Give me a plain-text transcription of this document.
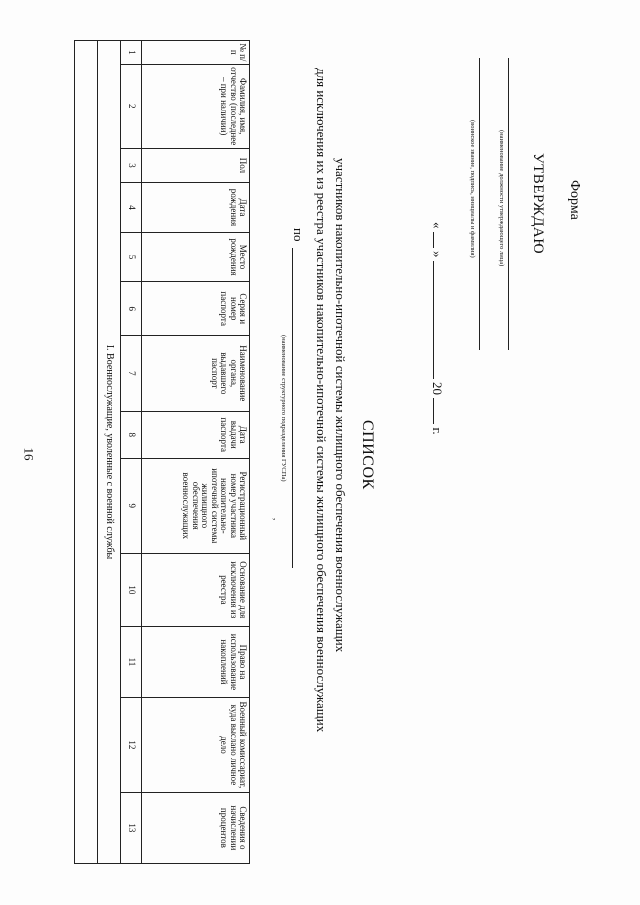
16
Форма
УТВЕРЖДАЮ
(наименование должности утверждающего лица)
(воинское звание, подпись, инициалы и фамилия)
«  »  20  г.
СПИСОК
участников накопительно-ипотечной системы жилищного обеспечения военнослужащих
для исключения их из реестра участников накопительно-ипотечной системы жилищного обеспечения военнослужащих
по
(наименование структурного подразделения ГУСПа)
,
№ п/п	Фамилия, имя, отчество (последнее – при наличии)	Пол	Дата рождения	Место рождения	Серия и номер паспорта	Наименование органа, выдавшего паспорт	Дата выдачи паспорта	Регистрационный номер участника накопительно-ипотечной системы жилищного обеспечения военнослужащих	Основание для исключения из реестра	Право на использование накоплений	Военный комиссариат, куда выслано личное дело	Сведения о начислении процентов
1	2	3	4	5	6	7	8	9	10	11	12	13
I. Военнослужащие, уволенные с военной службы												
